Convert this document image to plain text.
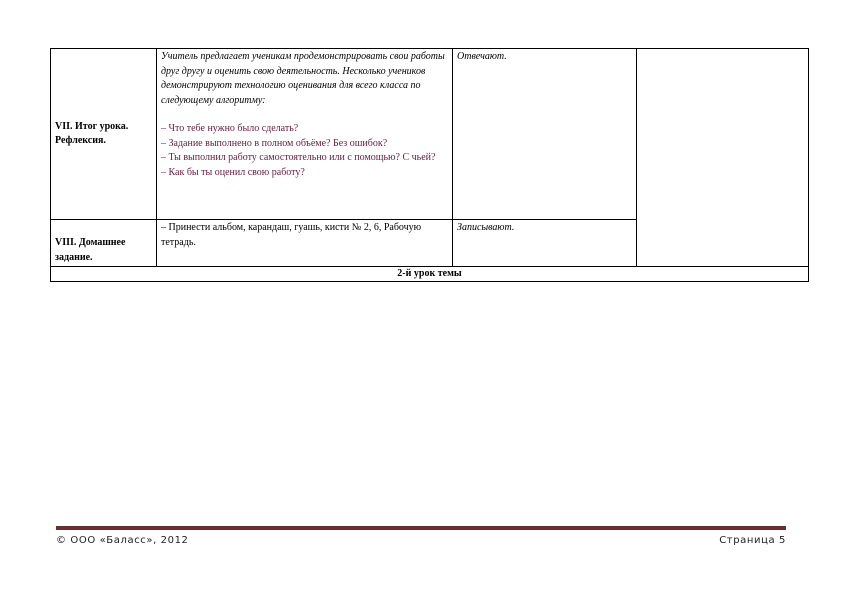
VII. Итог урока. Рефлексия.	Учитель предлагает ученикам продемонстрировать свои работы друг другу и оценить свою деятельность. Несколько учеников демонстрируют технологию оценивания для всего класса по следующему алгоритму:
– Что тебе нужно было сделать?
– Задание выполнено в полном объёме? Без ошибок?
– Ты выполнил работу самостоятельно или с помощью? С чьей?
– Как бы ты оценил свою работу?	Отвечают.	
VIII. Домашнее задание.	– Принести альбом, карандаш, гуашь, кисти № 2, 6, Рабочую тетрадь.	Записывают.	
2-й урок темы			
© ООО «Баласс», 2012	Страница 5
